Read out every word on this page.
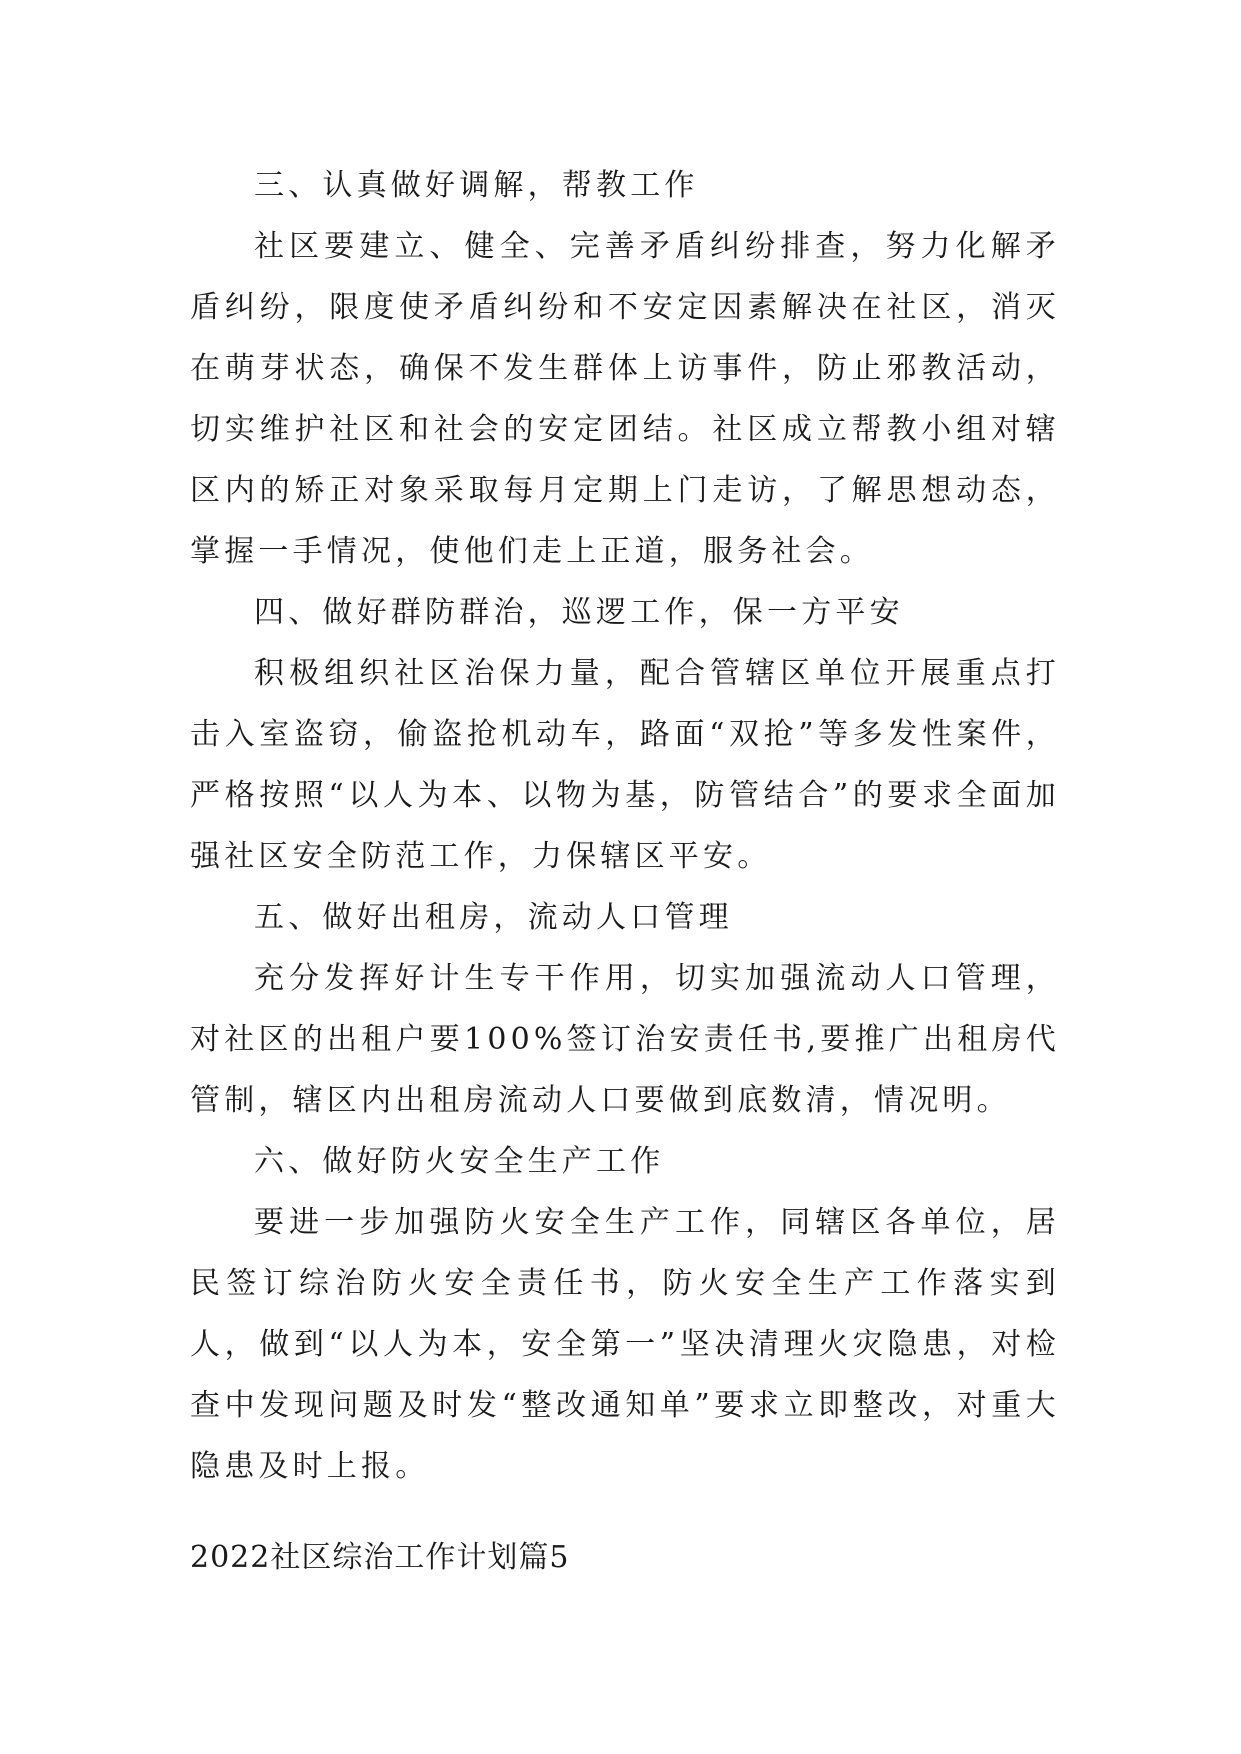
三、认真做好调解，帮教工作

社区要建立、健全、完善矛盾纠纷排查，努力化解矛盾纠纷，限度使矛盾纠纷和不安定因素解决在社区，消灭在萌芽状态，确保不发生群体上访事件，防止邪教活动，切实维护社区和社会的安定团结。社区成立帮教小组对辖区内的矫正对象采取每月定期上门走访，了解思想动态，掌握一手情况，使他们走上正道，服务社会。

四、做好群防群治，巡逻工作，保一方平安

积极组织社区治保力量，配合管辖区单位开展重点打击入室盗窃，偷盗抢机动车，路面“双抢”等多发性案件，严格按照“以人为本、以物为基，防管结合”的要求全面加强社区安全防范工作，力保辖区平安。

五、做好出租房，流动人口管理

充分发挥好计生专干作用，切实加强流动人口管理，对社区的出租户要100%签订治安责任书,要推广出租房代管制，辖区内出租房流动人口要做到底数清，情况明。

六、做好防火安全生产工作

要进一步加强防火安全生产工作，同辖区各单位，居民签订综治防火安全责任书，防火安全生产工作落实到人，做到“以人为本，安全第一”坚决清理火灾隐患，对检查中发现问题及时发“整改通知单”要求立即整改，对重大隐患及时上报。

2022社区综治工作计划篇5
